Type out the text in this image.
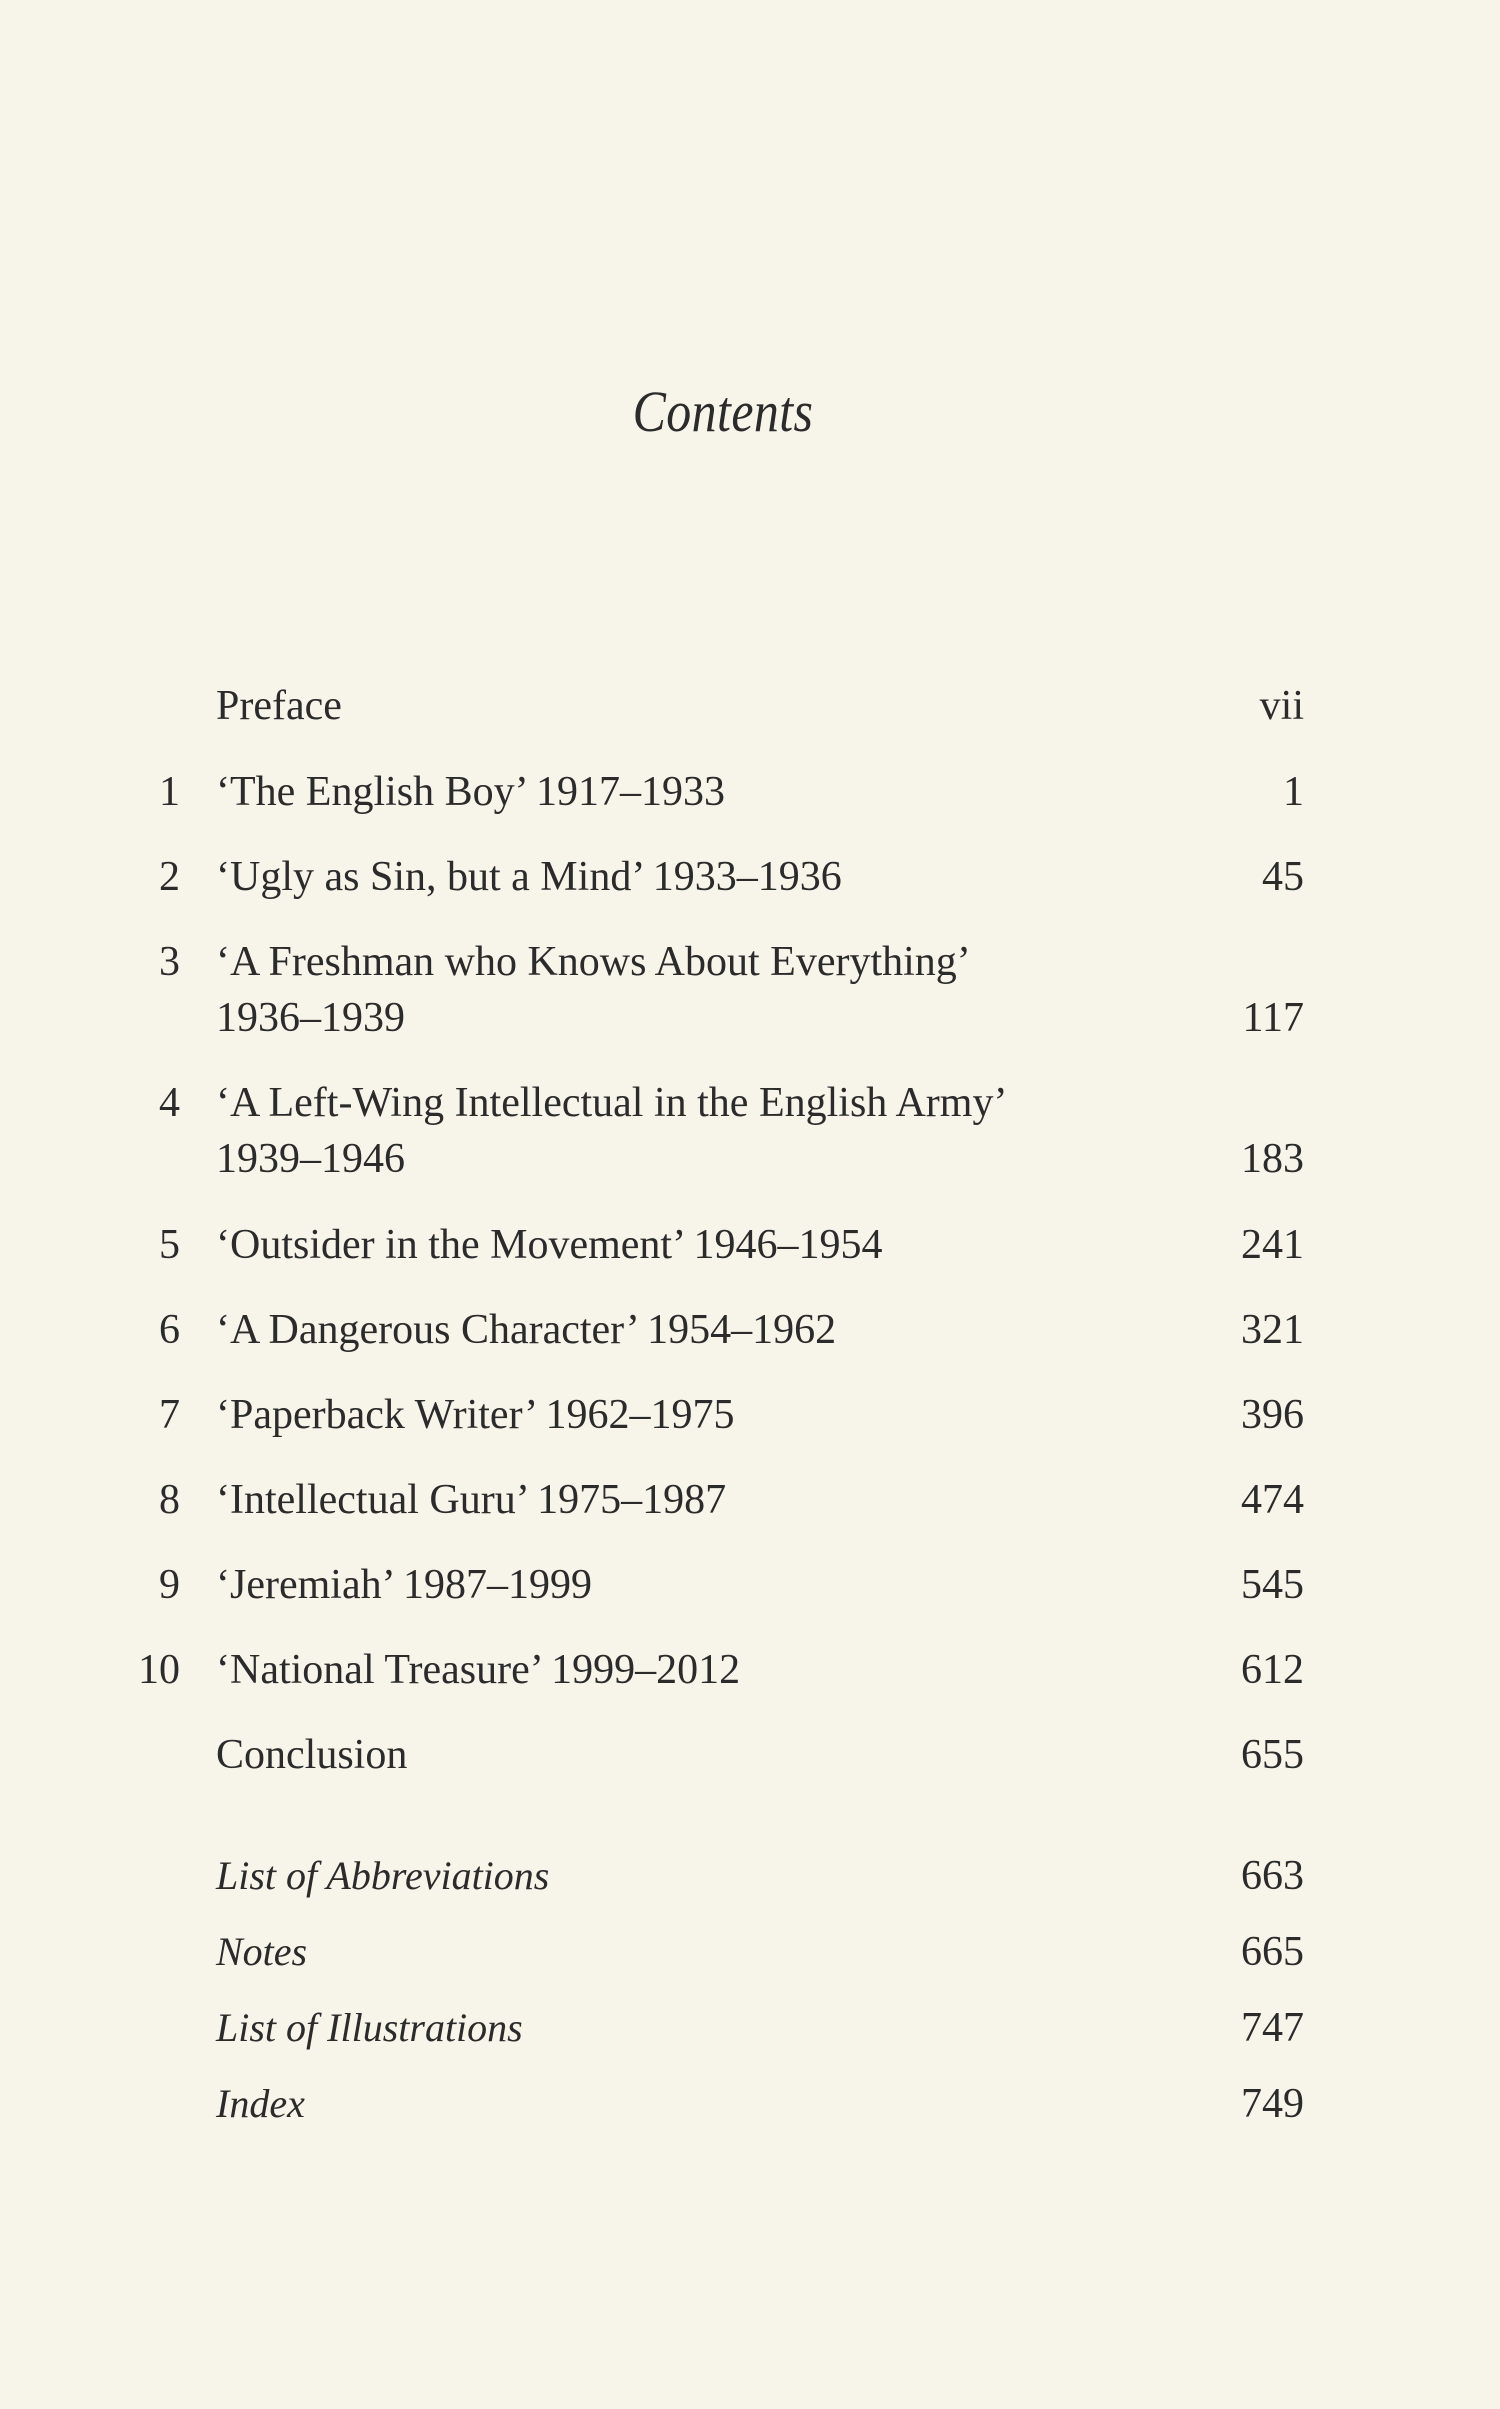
Contents
Preface	vii
1 ‘The English Boy’ 1917–1933	1
2 ‘Ugly as Sin, but a Mind’ 1933–1936	45
3 ‘A Freshman who Knows About Everything’
1936–1939	117
4 ‘A Left-Wing Intellectual in the English Army’
1939–1946	183
5 ‘Outsider in the Movement’ 1946–1954	241
6 ‘A Dangerous Character’ 1954–1962	321
7 ‘Paperback Writer’ 1962–1975	396
8 ‘Intellectual Guru’ 1975–1987	474
9 ‘Jeremiah’ 1987–1999	545
10 ‘National Treasure’ 1999–2012	612
Conclusion	655
List of Abbreviations	663
Notes	665
List of Illustrations	747
Index	749
